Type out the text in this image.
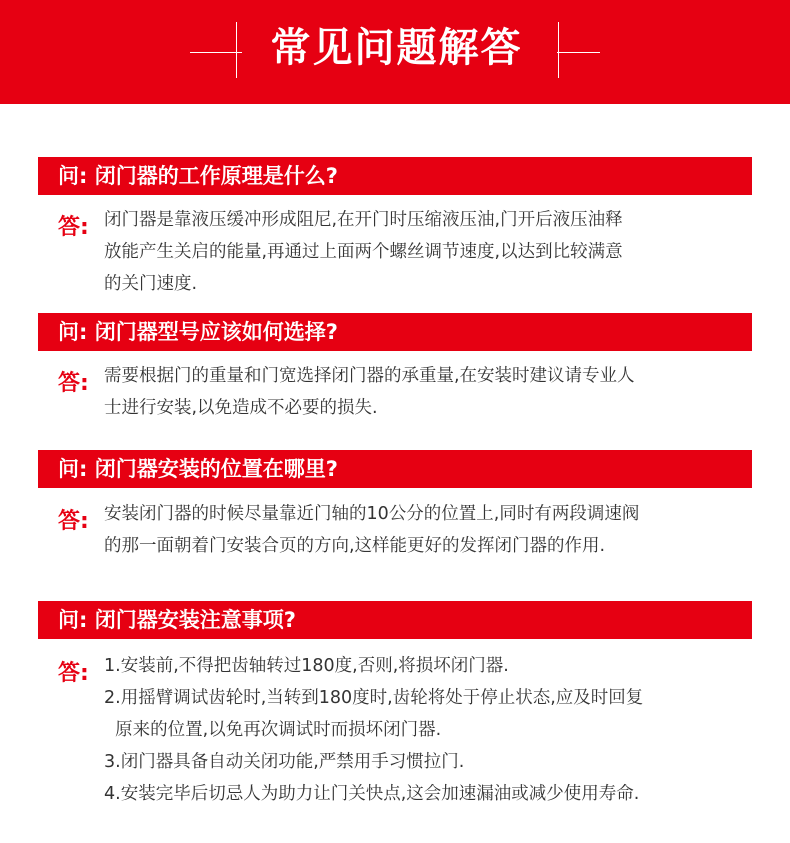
常见问题解答
问: 闭门器的工作原理是什么?
答: 闭门器是靠液压缓冲形成阻尼,在开门时压缩液压油,门开后液压油释
放能产生关启的能量,再通过上面两个螺丝调节速度,以达到比较满意
的关门速度.
问: 闭门器型号应该如何选择?
答: 需要根据门的重量和门宽选择闭门器的承重量,在安装时建议请专业人
士进行安装,以免造成不必要的损失.
问: 闭门器安装的位置在哪里?
答: 安装闭门器的时候尽量靠近门轴的10公分的位置上,同时有两段调速阀
的那一面朝着门安装合页的方向,这样能更好的发挥闭门器的作用.
问: 闭门器安装注意事项?
答: 1.安装前,不得把齿轴转过180度,否则,将损坏闭门器.
2.用摇臂调试齿轮时,当转到180度时,齿轮将处于停止状态,应及时回复
原来的位置,以免再次调试时而损坏闭门器.
3.闭门器具备自动关闭功能,严禁用手习惯拉门.
4.安装完毕后切忌人为助力让门关快点,这会加速漏油或减少使用寿命.
